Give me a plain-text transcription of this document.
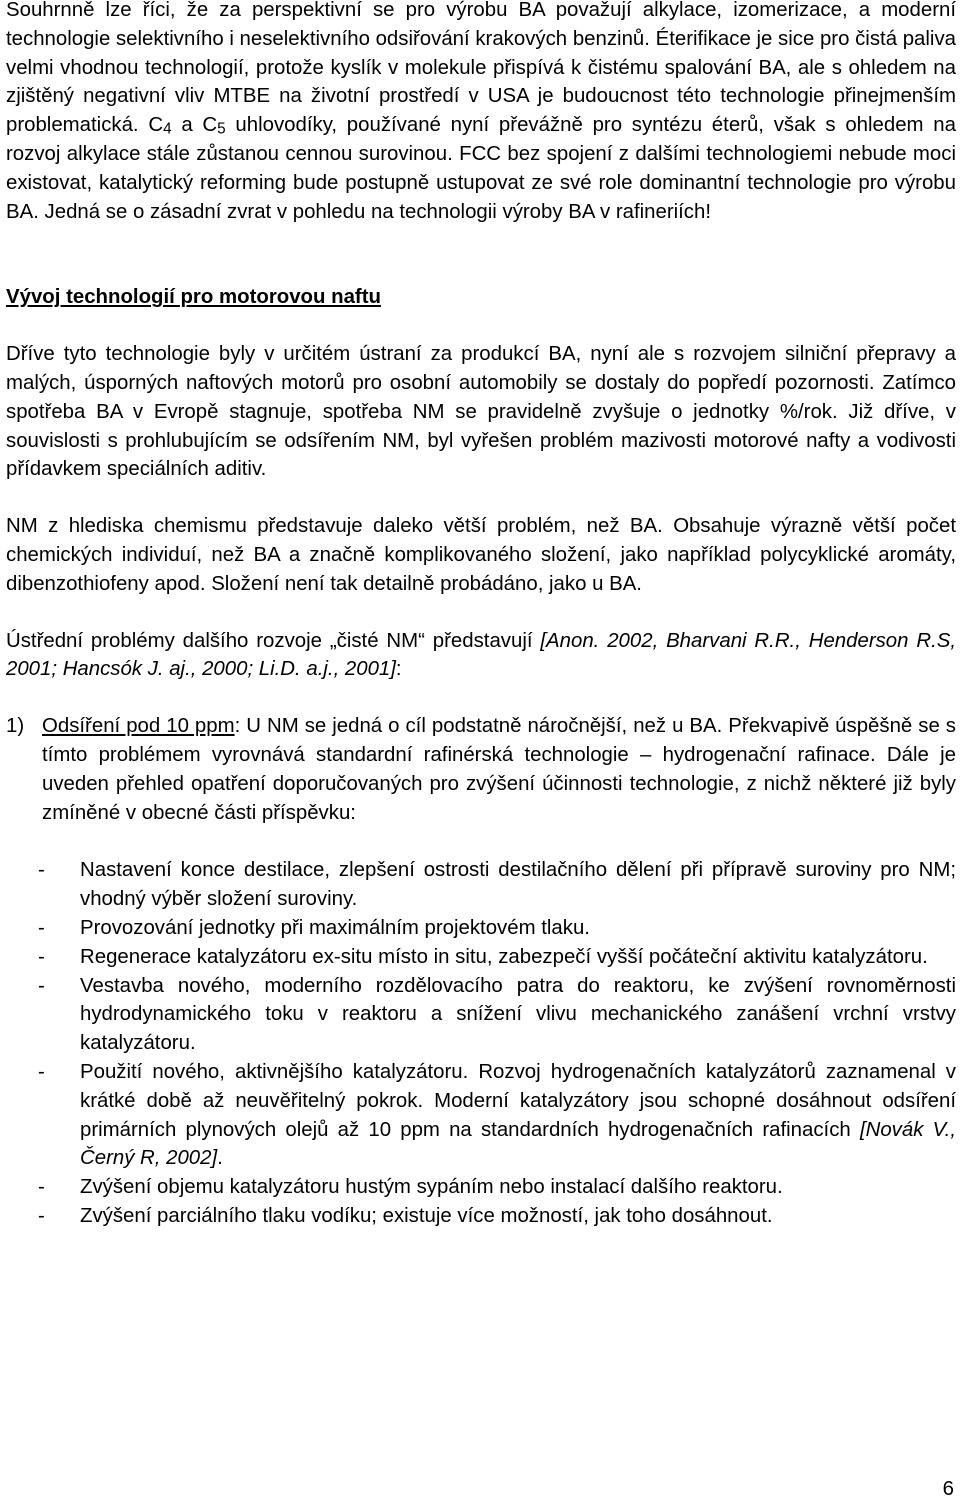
Souhrnně lze říci, že za perspektivní se pro výrobu BA považují alkylace, izomerizace, a moderní technologie selektivního i neselektivního odsiřování krakových benzinů. Éterifikace je sice pro čistá paliva velmi vhodnou technologií, protože kyslík v molekule přispívá k čistému spalování BA, ale s ohledem na zjištěný negativní vliv MTBE na životní prostředí v USA je budoucnost této technologie přinejmenším problematická. $C_4$ a $C_5$ uhlovodíky, používané nyní převážně pro syntézu éterů, však s ohledem na rozvoj alkylace stále zůstanou cennou surovinou. FCC bez spojení z dalšími technologiemi nebude moci existovat, katalytický reforming bude postupně ustupovat ze své role dominantní technologie pro výrobu BA. Jedná se o zásadní zvrat v pohledu na technologii výroby BA v rafineriích!

Vývoj technologií pro motorovou naftu

Dříve tyto technologie byly v určitém ústraní za produkcí BA, nyní ale s rozvojem silniční přepravy a malých, úsporných naftových motorů pro osobní automobily se dostaly do popředí pozornosti. Zatímco spotřeba BA v Evropě stagnuje, spotřeba NM se pravidelně zvyšuje o jednotky %/rok. Již dříve, v souvislosti s prohlubujícím se odsířením NM, byl vyřešen problém mazivosti motorové nafty a vodivosti přídavkem speciálních aditiv.

NM z hlediska chemismu představuje daleko větší problém, než BA. Obsahuje výrazně větší počet chemických individuí, než BA a značně komplikovaného složení, jako například polycyklické aromáty, dibenzothiofeny apod. Složení není tak detailně probádáno, jako u BA.

Ústřední problémy dalšího rozvoje „čisté NM“ představují [Anon. 2002, Bharvani R.R., Henderson R.S, 2001; Hancsók J. aj., 2000; Li.D. a.j., 2001]:

1) Odsíření pod 10 ppm: U NM se jedná o cíl podstatně náročnější, než u BA. Překvapivě úspěšně se s tímto problémem vyrovnává standardní rafinérská technologie – hydrogenační rafinace. Dále je uveden přehled opatření doporučovaných pro zvýšení účinnosti technologie, z nichž některé již byly zmíněné v obecné části příspěvku:
-	Nastavení konce destilace, zlepšení ostrosti destilačního dělení při přípravě suroviny pro NM; vhodný výběr složení suroviny.
-	Provozování jednotky při maximálním projektovém tlaku.
-	Regenerace katalyzátoru ex-situ místo in situ, zabezpečí vyšší počáteční aktivitu katalyzátoru.
-	Vestavba nového, moderního rozdělovacího patra do reaktoru, ke zvýšení rovnoměrnosti hydrodynamického toku v reaktoru a snížení vlivu mechanického zanášení vrchní vrstvy katalyzátoru.
-	Použití nového, aktivnějšího katalyzátoru. Rozvoj hydrogenačních katalyzátorů zaznamenal v krátké době až neuvěřitelný pokrok. Moderní katalyzátory jsou schopné dosáhnout odsíření primárních plynových olejů až 10 ppm na standardních hydrogenačních rafinacích [Novák V., Černý R, 2002].
-	Zvýšení objemu katalyzátoru hustým sypáním nebo instalací dalšího reaktoru.
-	Zvýšení parciálního tlaku vodíku; existuje více možností, jak toho dosáhnout.
6
